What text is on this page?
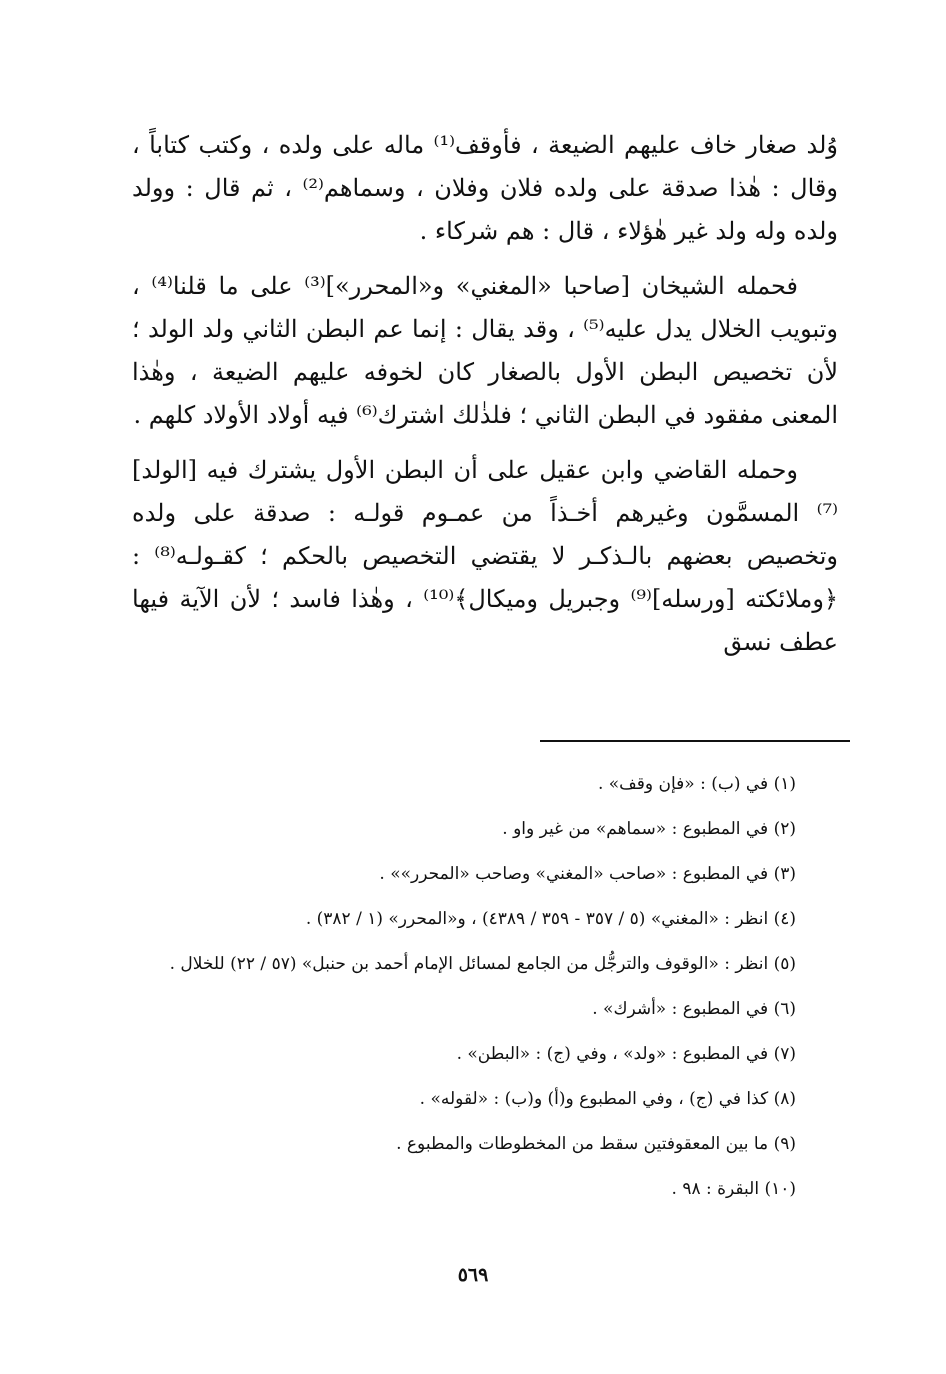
وُلد صغار خاف عليهم الضيعة ، فأوقف⁽¹⁾ ماله على ولده ، وكتب كتاباً ، وقال : هٰذا صدقة على ولده فلان وفلان ، وسماهم⁽²⁾ ، ثم قال : وولد ولده وله ولد غير هٰؤلاء ، قال : هم شركاء .

فحمله الشيخان [صاحبا «المغني» و«المحرر»]⁽³⁾ على ما قلنا⁽⁴⁾ ، وتبويب الخلال يدل عليه⁽⁵⁾ ، وقد يقال : إنما عم البطن الثاني ولد الولد ؛ لأن تخصيص البطن الأول بالصغار كان لخوفه عليهم الضيعة ، وهٰذا المعنى مفقود في البطن الثاني ؛ فلذٰلك اشترك⁽⁶⁾ فيه أولاد الأولاد كلهم .

وحمله القاضي وابن عقيل على أن البطن الأول يشترك فيه [الولد]⁽⁷⁾ المسمَّون وغيرهم أخـذاً من عمـوم قولـه : صدقة على ولده وتخصيص بعضهم بالـذكـر لا يقتضي التخصيص بالحكم ؛ كقـولـه⁽⁸⁾ : ﴿وملائكته [ورسله]⁽⁹⁾ وجبريل وميكال﴾⁽¹⁰⁾ ، وهٰذا فاسد ؛ لأن الآية فيها عطف نسق

(١) في (ب) : «فإن وقف» .

(٢) في المطبوع : «سماهم» من غير واو .

(٣) في المطبوع : «صاحب «المغني» وصاحب «المحرر»» .

(٤) انظر : «المغني» (٥ / ٣٥٧ - ٣٥٩ / ٤٣٨٩) ، و«المحرر» (١ / ٣٨٢) .

(٥) انظر : «الوقوف والترجُّل من الجامع لمسائل الإمام أحمد بن حنبل» (٥٧ / ٢٢) للخلال .

(٦) في المطبوع : «أشرك» .

(٧) في المطبوع : «ولد» ، وفي (ج) : «البطن» .

(٨) كذا في (ج) ، وفي المطبوع و(أ) و(ب) : «لقوله» .

(٩) ما بين المعقوفتين سقط من المخطوطات والمطبوع .

(١٠) البقرة : ٩٨ .

٥٦٩
